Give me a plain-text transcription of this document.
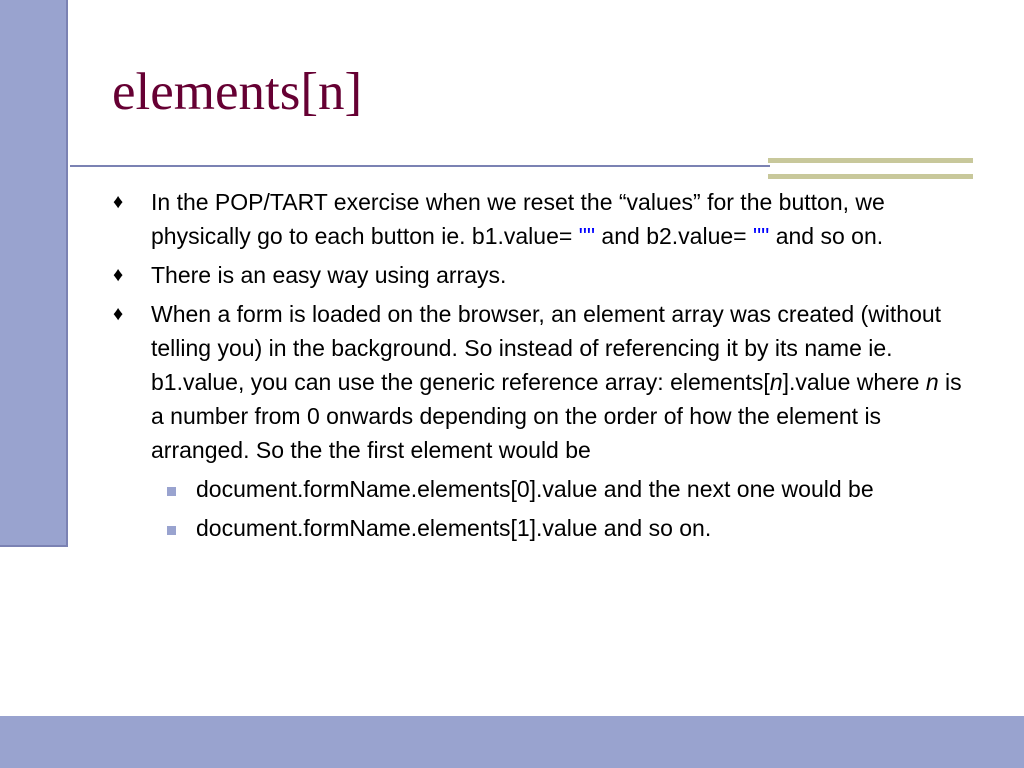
elements[n]
♦ In the POP/TART exercise when we reset the “values” for the button, we physically go to each button ie. b1.value= "" and b2.value= "" and so on.
♦ There is an easy way using arrays.
♦ When a form is loaded on the browser, an element array was created (without telling you) in the background. So instead of referencing it by its name ie. b1.value, you can use the generic reference array: elements[n].value where n is a number from 0 onwards depending on the order of how the element is arranged. So the the first element would be
document.formName.elements[0].value and the next one would be
document.formName.elements[1].value and so on.
